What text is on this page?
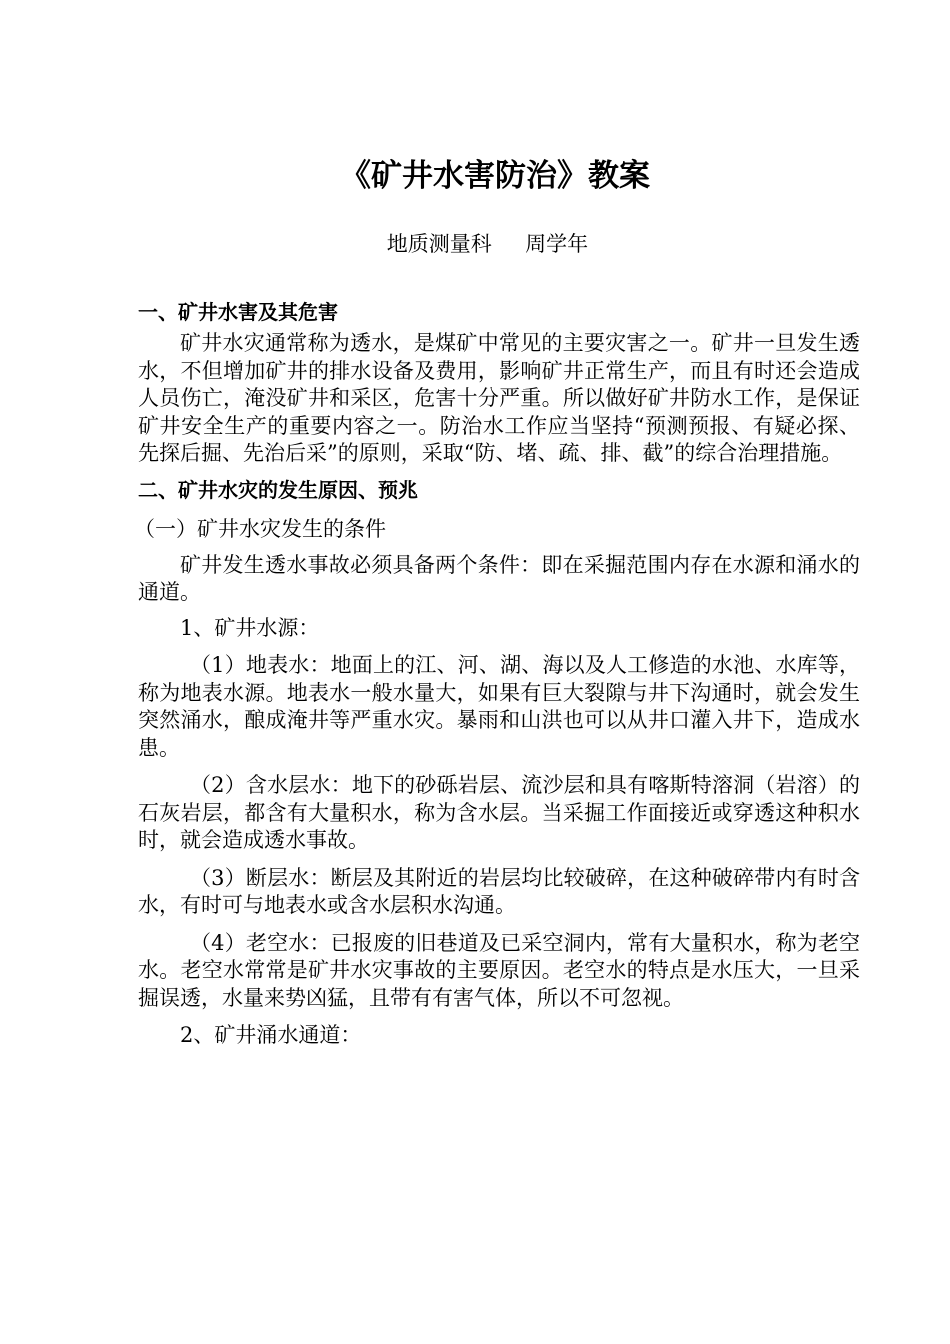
《矿井水害防治》教案

地质测量科     周学年

一、矿井水害及其危害

矿井水灾通常称为透水，是煤矿中常见的主要灾害之一。矿井一旦发生透水，不但增加矿井的排水设备及费用，影响矿井正常生产，而且有时还会造成人员伤亡，淹没矿井和采区，危害十分严重。所以做好矿井防水工作，是保证矿井安全生产的重要内容之一。防治水工作应当坚持“预测预报、有疑必探、先探后掘、先治后采”的原则，采取“防、堵、疏、排、截”的综合治理措施。

二、矿井水灾的发生原因、预兆

（一）矿井水灾发生的条件

矿井发生透水事故必须具备两个条件：即在采掘范围内存在水源和涌水的通道。

1、矿井水源：

（1）地表水：地面上的江、河、湖、海以及人工修造的水池、水库等，称为地表水源。地表水一般水量大，如果有巨大裂隙与井下沟通时，就会发生突然涌水，酿成淹井等严重水灾。暴雨和山洪也可以从井口灌入井下，造成水患。

（2）含水层水：地下的砂砾岩层、流沙层和具有喀斯特溶洞（岩溶）的石灰岩层，都含有大量积水，称为含水层。当采掘工作面接近或穿透这种积水时，就会造成透水事故。

（3）断层水：断层及其附近的岩层均比较破碎，在这种破碎带内有时含水，有时可与地表水或含水层积水沟通。

（4）老空水：已报废的旧巷道及已采空洞内，常有大量积水，称为老空水。老空水常常是矿井水灾事故的主要原因。老空水的特点是水压大，一旦采掘误透，水量来势凶猛，且带有有害气体，所以不可忽视。

2、矿井涌水通道：
